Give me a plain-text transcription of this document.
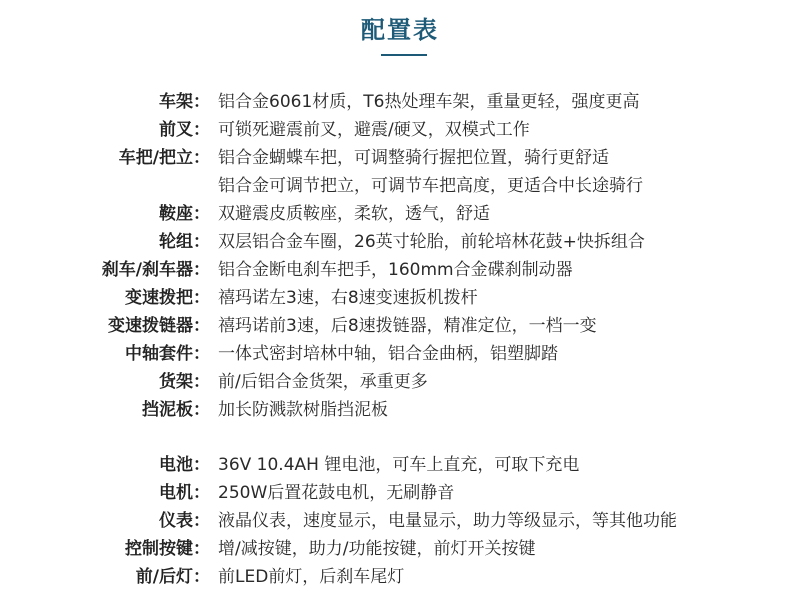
配置表
车架： 铝合金6061材质，T6热处理车架，重量更轻，强度更高
前叉： 可锁死避震前叉，避震/硬叉，双模式工作
车把/把立： 铝合金蝴蝶车把，可调整骑行握把位置，骑行更舒适
铝合金可调节把立，可调节车把高度，更适合中长途骑行
鞍座： 双避震皮质鞍座，柔软，透气，舒适
轮组： 双层铝合金车圈，26英寸轮胎，前轮培林花鼓+快拆组合
刹车/刹车器： 铝合金断电刹车把手，160mm合金碟刹制动器
变速拨把： 禧玛诺左3速，右8速变速扳机拨杆
变速拨链器： 禧玛诺前3速，后8速拨链器，精准定位，一档一变
中轴套件： 一体式密封培林中轴，铝合金曲柄，铝塑脚踏
货架： 前/后铝合金货架，承重更多
挡泥板： 加长防溅款树脂挡泥板
电池： 36V 10.4AH 锂电池，可车上直充，可取下充电
电机： 250W后置花鼓电机，无刷静音
仪表： 液晶仪表，速度显示，电量显示，助力等级显示，等其他功能
控制按键： 增/减按键，助力/功能按键，前灯开关按键
前/后灯： 前LED前灯，后刹车尾灯
